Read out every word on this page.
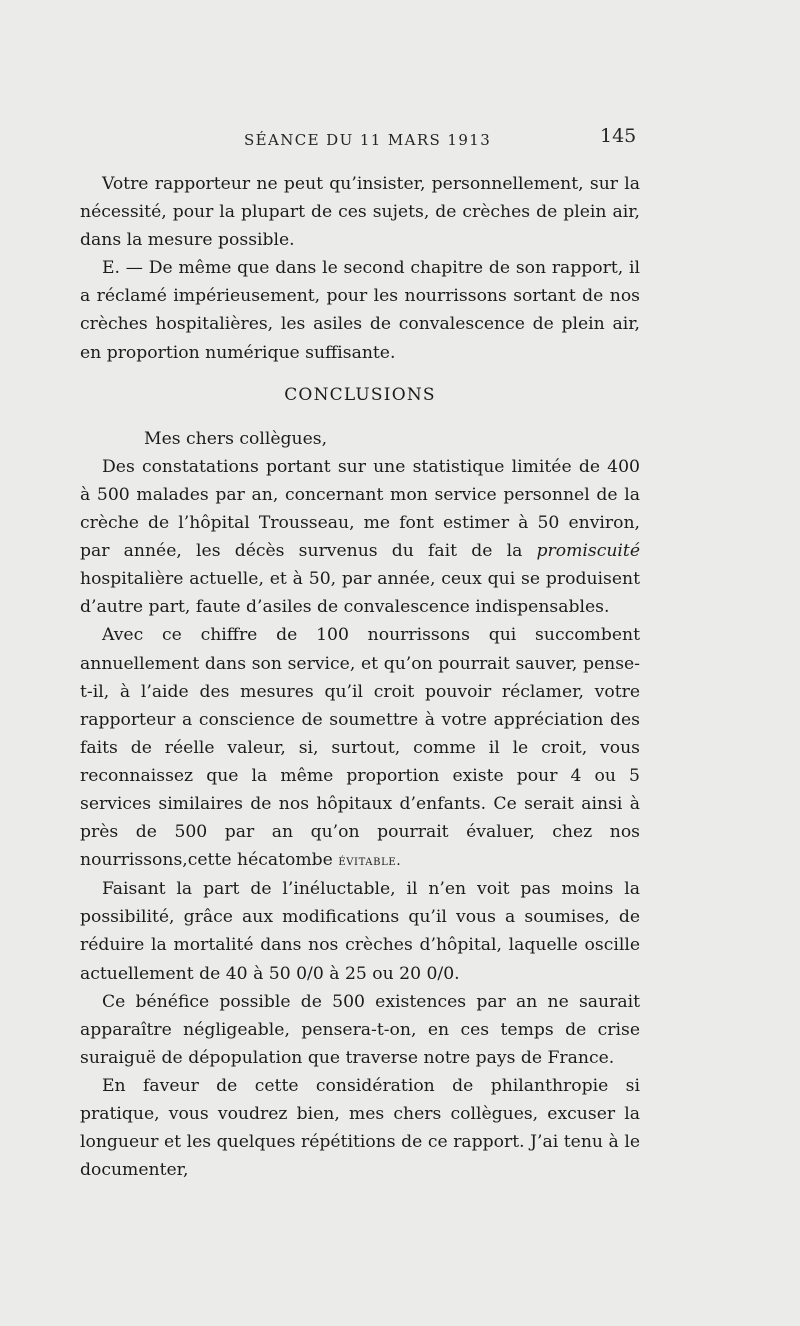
SÉANCE DU 11 MARS 1913	145

Votre rapporteur ne peut qu’insister, personnellement, sur la nécessité, pour la plupart de ces sujets, de crèches de plein air, dans la mesure possible.

E. — De même que dans le second chapitre de son rapport, il a réclamé impérieusement, pour les nourrissons sortant de nos crèches hospitalières, les asiles de convalescence de plein air, en proportion numérique suffisante.

CONCLUSIONS

Mes chers collègues,

Des constatations portant sur une statistique limitée de 400 à 500 malades par an, concernant mon service personnel de la crèche de l’hôpital Trousseau, me font estimer à 50 environ, par année, les décès survenus du fait de la promiscuité hospitalière actuelle, et à 50, par année, ceux qui se produisent d’autre part, faute d’asiles de convalescence indispensables.

Avec ce chiffre de 100 nourrissons qui succombent annuellement dans son service, et qu’on pourrait sauver, pense-t-il, à l’aide des mesures qu’il croit pouvoir réclamer, votre rapporteur a conscience de soumettre à votre appréciation des faits de réelle valeur, si, surtout, comme il le croit, vous reconnaissez que la même proportion existe pour 4 ou 5 services similaires de nos hôpitaux d’enfants. Ce serait ainsi à près de 500 par an qu’on pourrait évaluer, chez nos nourrissons,cette hécatombe évitable.

Faisant la part de l’inéluctable, il n’en voit pas moins la possibilité, grâce aux modifications qu’il vous a soumises, de réduire la mortalité dans nos crèches d’hôpital, laquelle oscille actuellement de 40 à 50 0/0 à 25 ou 20 0/0.

Ce bénéfice possible de 500 existences par an ne saurait apparaître négligeable, pensera-t-on, en ces temps de crise suraiguë de dépopulation que traverse notre pays de France.

En faveur de cette considération de philanthropie si pratique, vous voudrez bien, mes chers collègues, excuser la longueur et les quelques répétitions de ce rapport. J’ai tenu à le documenter,
